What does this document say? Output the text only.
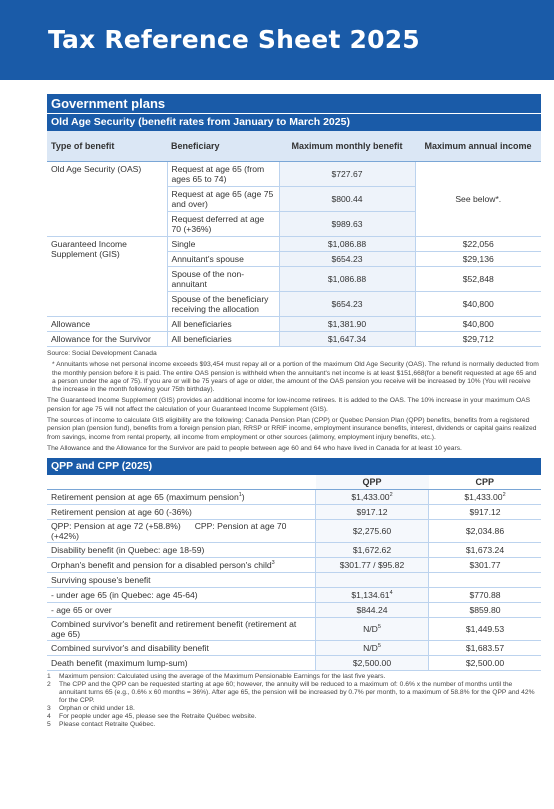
Tax Reference Sheet 2025
Government plans
Old Age Security (benefit rates from January to March 2025)
Type of benefit	Beneficiary	Maximum monthly benefit	Maximum annual income
Old Age Security (OAS)	Request at age 65 (from ages 65 to 74)	$727.67	See below*.
	Request at age 65 (age 75 and over)	$800.44	
	Request deferred at age 70 (+36%)	$989.63	
Guaranteed Income Supplement (GIS)	Single	$1,086.88	$22,056
	Annuitant's spouse	$654.23	$29,136
	Spouse of the non-annuitant	$1,086.88	$52,848
	Spouse of the beneficiary receiving the allocation	$654.23	$40,800
Allowance	All beneficiaries	$1,381.90	$40,800
Allowance for the Survivor	All beneficiaries	$1,647.34	$29,712

Source: Social Development Canada

* Annuitants whose net personal income exceeds $93,454 must repay all or a portion of the maximum Old Age Security (OAS). The refund is normally deducted from the monthly pension before it is paid. The entire OAS pension is withheld when the annuitant's net income is at least $151,668(for a benefit requested at age 65 and a person under the age of 75). If you are or will be 75 years of age or older, the amount of the OAS pension you receive will be increased by 10% (You will receive the increase in the month following your 75th birthday).

The Guaranteed Income Supplement (GIS) provides an additional income for low-income retirees. It is added to the OAS. The 10% increase in your maximum OAS pension for age 75 will not affect the calculation of your Guaranteed Income Supplement (GIS).

The sources of income to calculate GIS eligibility are the following: Canada Pension Plan (CPP) or Quebec Pension Plan (QPP) benefits, benefits from a registered pension plan (pension fund), benefits from a foreign pension plan, RRSP or RRIF income, employment insurance benefits, interest, dividends or capital gains realized from savings, income from rental property, all income from employment or other sources (alimony, employment injury benefits, etc.).

The Allowance and the Allowance for the Survivor are paid to people between age 60 and 64 who have lived in Canada for at least 10 years.

QPP and CPP (2025)
	QPP	CPP
Retirement pension at age 65 (maximum pension$^1$)	$1,433.00$^2$	$1,433.00$^2$
Retirement pension at age 60 (-36%)	$917.12	$917.12
QPP: Pension at age 72 (+58.8%) CPP: Pension at age 70 (+42%)	$2,275.60	$2,034.86
Disability benefit (in Quebec: age 18-59)	$1,672.62	$1,673.24
Orphan's benefit and pension for a disabled person's child$^3$	$301.77 / $95.82	$301.77
Surviving spouse's benefit		
- under age 65 (in Quebec: age 45-64)	$1,134.61$^4$	$770.88
- age 65 or over	$844.24	$859.80
Combined survivor's benefit and retirement benefit (retirement at age 65)	$N/D^5$	$1,449.53
Combined survivor's and disability benefit	$N/D^5$	$1,683.57
Death benefit (maximum lump-sum)	$2,500.00	$2,500.00
1	Maximum pension: Calculated using the average of the Maximum Pensionable Earnings for the last five years.
2	The CPP and the QPP can be requested starting at age 60; however, the annuity will be reduced to a maximum of: 0.6% x the number of months until the annuitant turns 65 (e.g., 0.6% x 60 months = 36%). After age 65, the pension will be increased by 0.7% per month, to a maximum of 58.8% for the QPP and 42% for the CPP.
3	Orphan or child under 18.
4	For people under age 45, please see the Retraite Québec website.
5	Please contact Retraite Québec.
